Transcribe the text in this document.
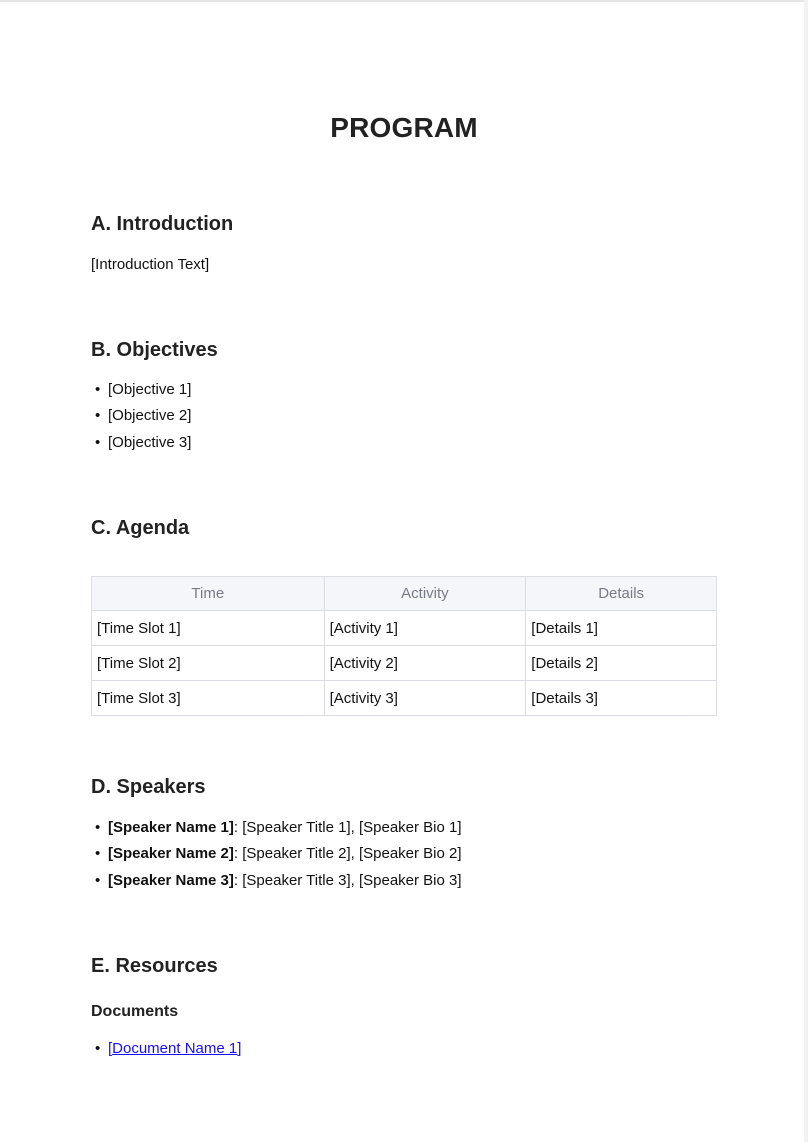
PROGRAM
A. Introduction

[Introduction Text]

B. Objectives
• [Objective 1]
• [Objective 2]
• [Objective 3]
C. Agenda
Time	Activity	Details
[Time Slot 1]	[Activity 1]	[Details 1]
[Time Slot 2]	[Activity 2]	[Details 2]
[Time Slot 3]	[Activity 3]	[Details 3]
D. Speakers
• [Speaker Name 1]: [Speaker Title 1], [Speaker Bio 1]
• [Speaker Name 2]: [Speaker Title 2], [Speaker Bio 2]
• [Speaker Name 3]: [Speaker Title 3], [Speaker Bio 3]
E. Resources
Documents
• [Document Name 1]
